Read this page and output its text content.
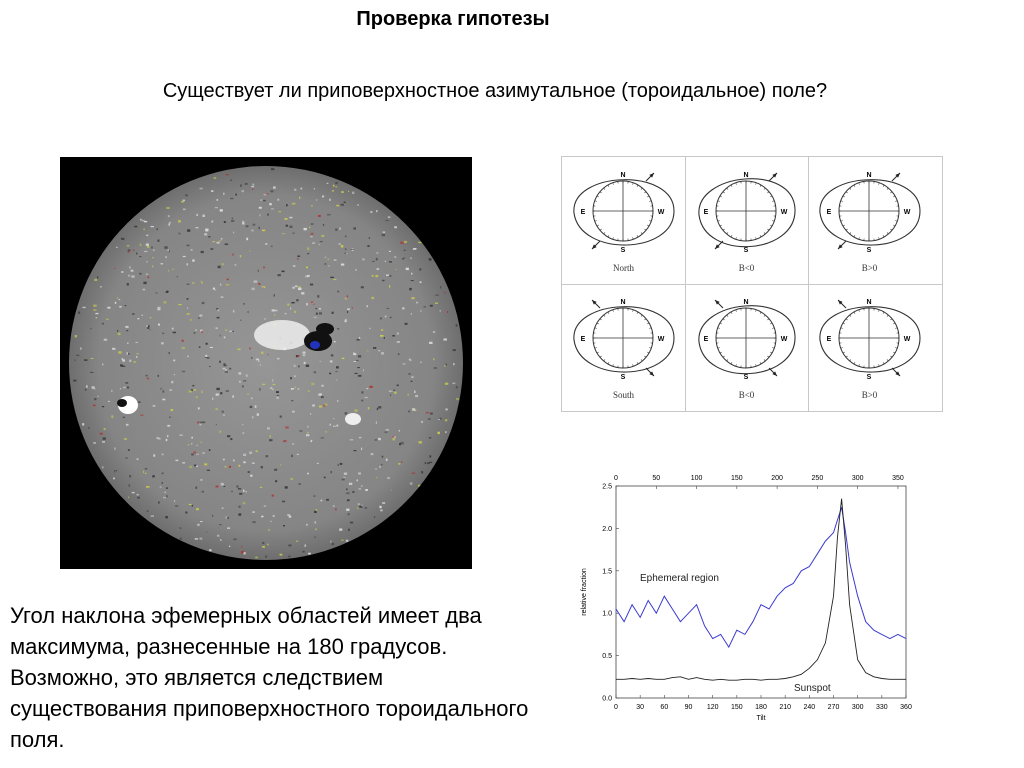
Проверка гипотезы
Существует ли приповерхностное азимутальное (тороидальное) поле?
N
S
E	W
North
N
S
E	W
B<0
N
S
E	W
B>0
N
S
E	W
South
N
S
E	W
B<0
N
S
E	W
B>0
0	30 60 90 120 150 180 210 240 270 300 330 360
0	50	100	150	200	250	300	350
0.0
0.5
1.0
1.5
2.0
2.5
Tilt
relative fraction	Ephemeral region
Sunspot
Угол наклона эфемерных областей имеет два максимума, разнесенные на 180 градусов. Возможно, это является следствием существования приповерхностного тороидального поля.
